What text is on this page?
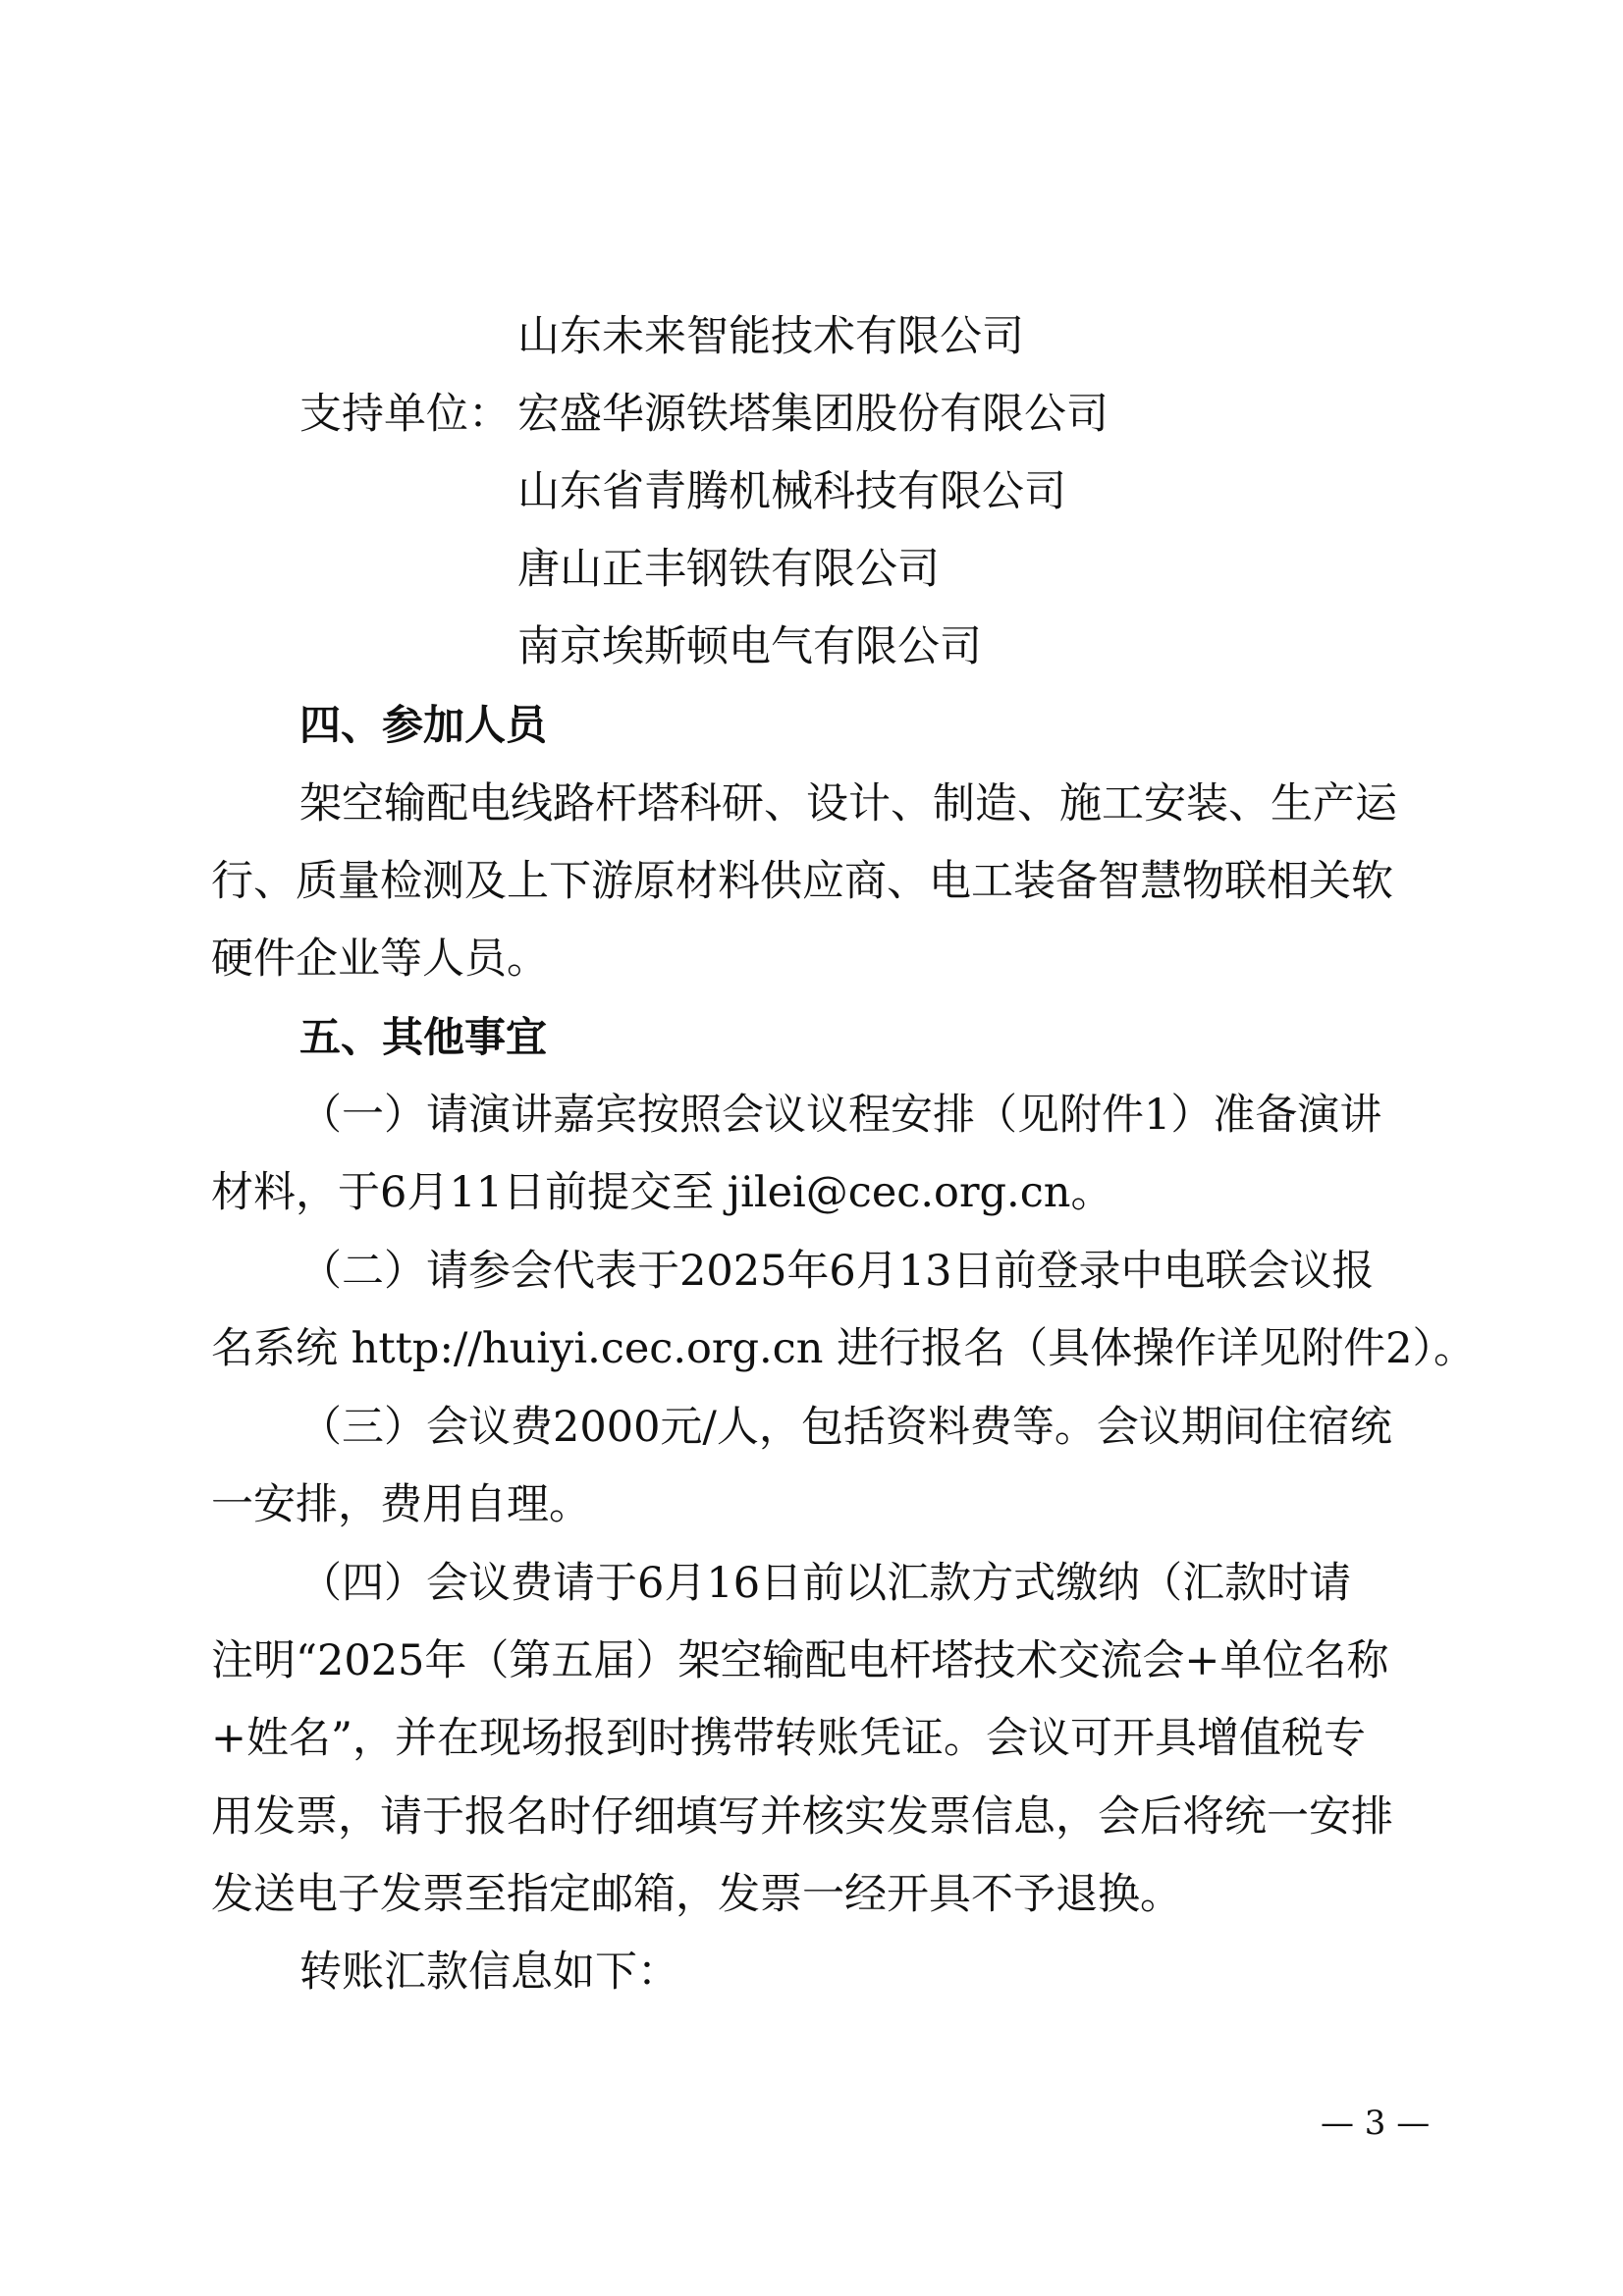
山东未来智能技术有限公司
支持单位： 宏盛华源铁塔集团股份有限公司
山东省青腾机械科技有限公司
唐山正丰钢铁有限公司
南京埃斯顿电气有限公司
四、参加人员
架空输配电线路杆塔科研、设计、制造、施工安装、生产运
行、质量检测及上下游原材料供应商、电工装备智慧物联相关软
硬件企业等人员。
五、其他事宜
（一）请演讲嘉宾按照会议议程安排（见附件1）准备演讲
材料，于6月11日前提交至 jilei@cec.org.cn。
（二）请参会代表于2025年6月13日前登录中电联会议报
名系统 http://huiyi.cec.org.cn 进行报名（具体操作详见附件2）。
（三）会议费2000元/人，包括资料费等。会议期间住宿统
一安排，费用自理。
（四）会议费请于6月16日前以汇款方式缴纳（汇款时请
注明“2025年（第五届）架空输配电杆塔技术交流会+单位名称
+姓名”，并在现场报到时携带转账凭证。会议可开具增值税专
用发票，请于报名时仔细填写并核实发票信息，会后将统一安排
发送电子发票至指定邮箱，发票一经开具不予退换。
转账汇款信息如下：
— 3 —
